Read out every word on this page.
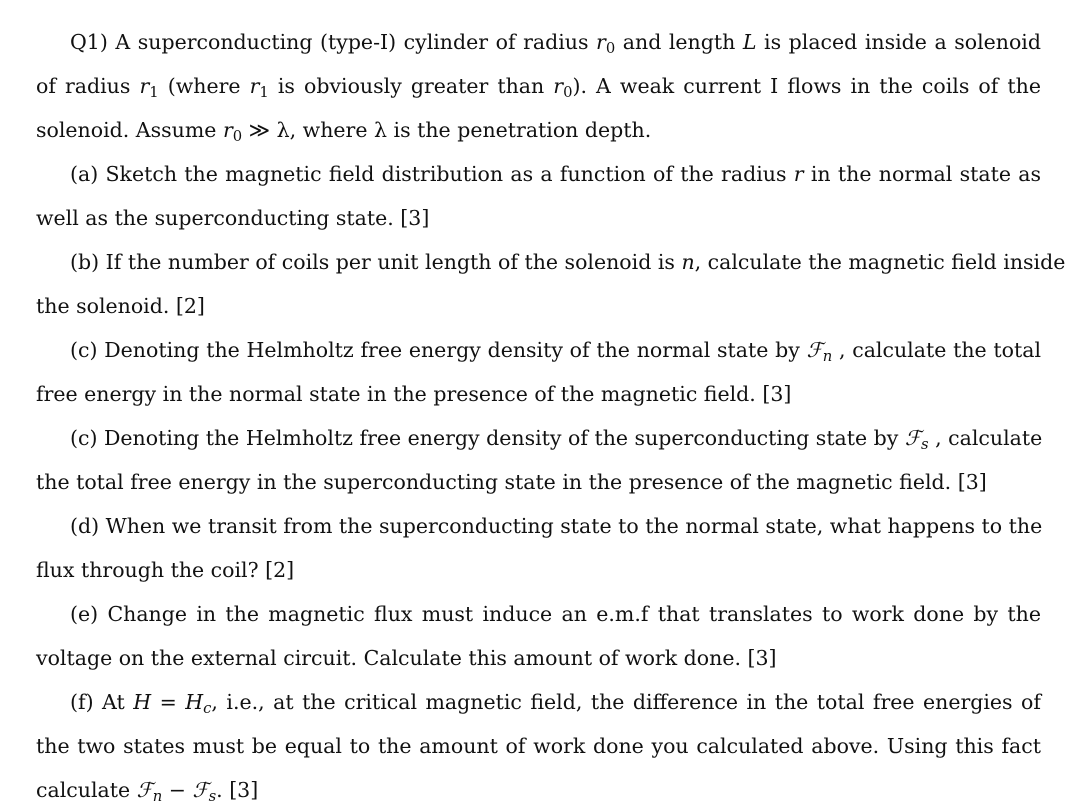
Q1) A superconducting (type-I) cylinder of radius $r_0$ and length L is placed inside a solenoid
of radius $r_1$ (where $r_1$ is obviously greater than $r_0$). A weak current I flows in the coils of the
solenoid. Assume $r_0$ ≫ λ, where λ is the penetration depth.
(a) Sketch the magnetic field distribution as a function of the radius r in the normal state as
well as the superconducting state. [3]
(b) If the number of coils per unit length of the solenoid is n, calculate the magnetic field inside
the solenoid. [2]
(c) Denoting the Helmholtz free energy density of the normal state by ℱ$_n$ , calculate the total
free energy in the normal state in the presence of the magnetic field. [3]
(c) Denoting the Helmholtz free energy density of the superconducting state by ℱ$_s$ , calculate
the total free energy in the superconducting state in the presence of the magnetic field. [3]
(d) When we transit from the superconducting state to the normal state, what happens to the
flux through the coil? [2]
(e) Change in the magnetic flux must induce an e.m.f that translates to work done by the
voltage on the external circuit. Calculate this amount of work done. [3]
(f) At $H = H_c$, i.e., at the critical magnetic field, the difference in the total free energies of
the two states must be equal to the amount of work done you calculated above. Using this fact
calculate ℱ$_n$ − ℱ$_s$. [3]
